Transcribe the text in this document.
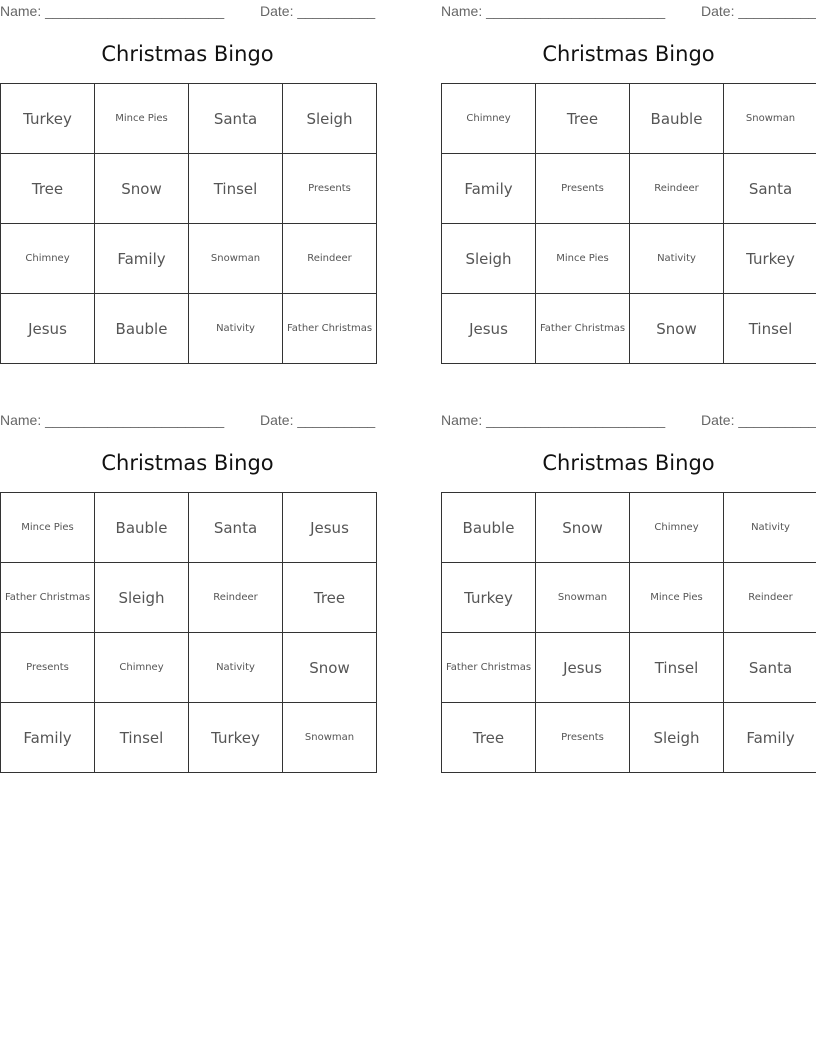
Name: _______________________	Date: __________
Christmas Bingo
Turkey	Mince Pies	Santa	Sleigh
Tree	Snow	Tinsel	Presents
Chimney	Family	Snowman	Reindeer
Jesus	Bauble	Nativity	Father Christmas
Name: _______________________	Date: __________
Christmas Bingo
Chimney	Tree	Bauble	Snowman
Family	Presents	Reindeer	Santa
Sleigh	Mince Pies	Nativity	Turkey
Jesus	Father Christmas	Snow	Tinsel
Name: _______________________	Date: __________
Christmas Bingo
Mince Pies	Bauble	Santa	Jesus
Father Christmas	Sleigh	Reindeer	Tree
Presents	Chimney	Nativity	Snow
Family	Tinsel	Turkey	Snowman
Name: _______________________	Date: __________
Christmas Bingo
Bauble	Snow	Chimney	Nativity
Turkey	Snowman	Mince Pies	Reindeer
Father Christmas	Jesus	Tinsel	Santa
Tree	Presents	Sleigh	Family
